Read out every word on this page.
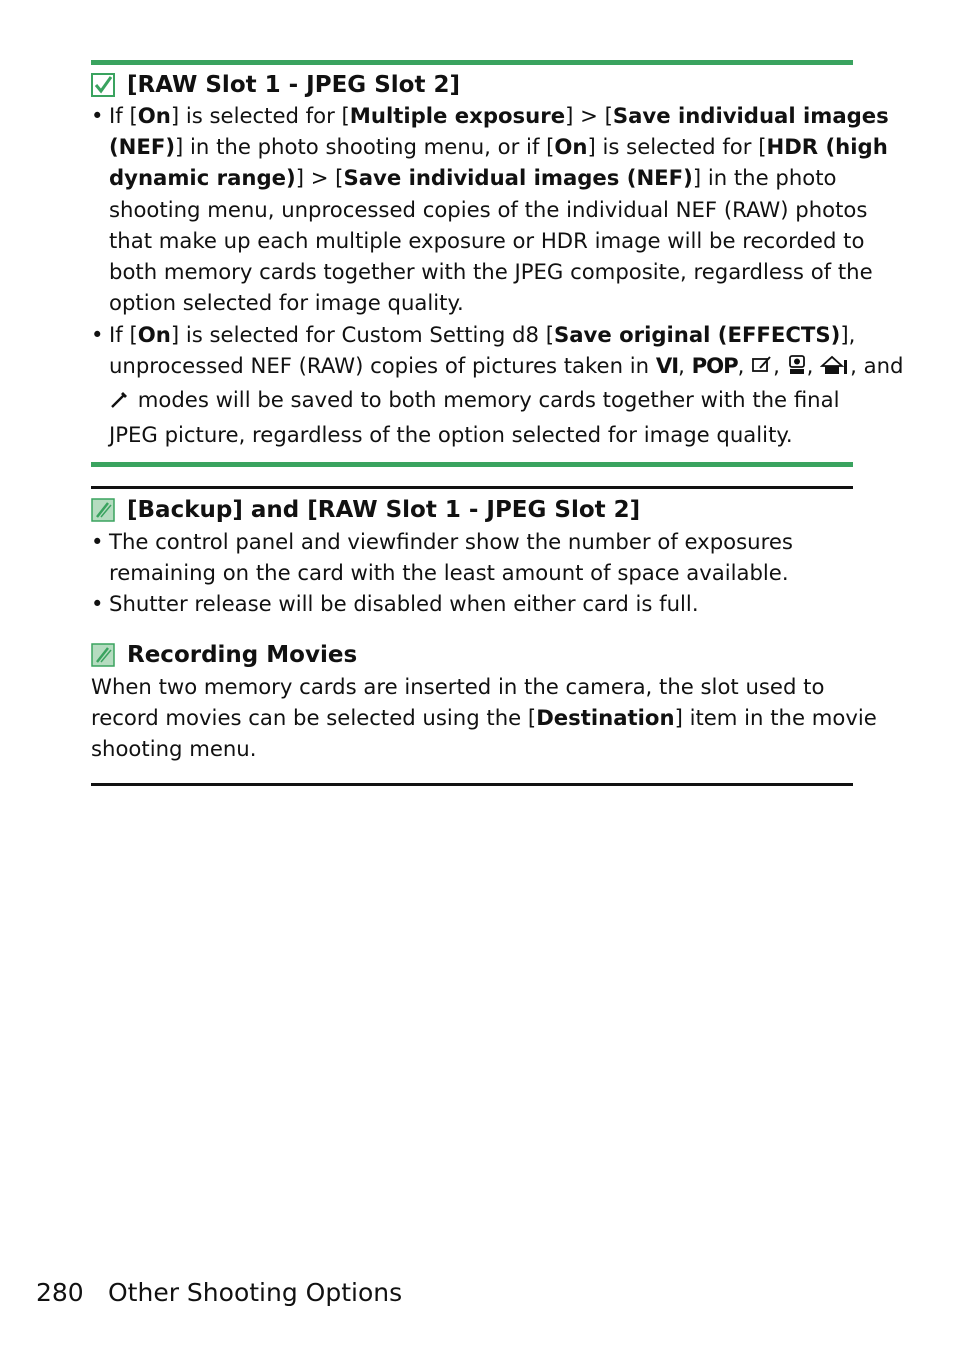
[RAW Slot 1 - JPEG Slot 2]
• If [On] is selected for [Multiple exposure] > [Save individual images
(NEF)] in the photo shooting menu, or if [On] is selected for [HDR (high
dynamic range)] > [Save individual images (NEF)] in the photo
shooting menu, unprocessed copies of the individual NEF (RAW) photos
that make up each multiple exposure or HDR image will be recorded to
both memory cards together with the JPEG composite, regardless of the
option selected for image quality.
• If [On] is selected for Custom Setting d8 [Save original (EFFECTS)],
unprocessed NEF (RAW) copies of pictures taken in VI, POP, , , , and
modes will be saved to both memory cards together with the final
JPEG picture, regardless of the option selected for image quality.
[Backup] and [RAW Slot 1 - JPEG Slot 2]
• The control panel and viewfinder show the number of exposures
remaining on the card with the least amount of space available.
• Shutter release will be disabled when either card is full.
Recording Movies
When two memory cards are inserted in the camera, the slot used to
record movies can be selected using the [Destination] item in the movie
shooting menu.
280 Other Shooting Options
